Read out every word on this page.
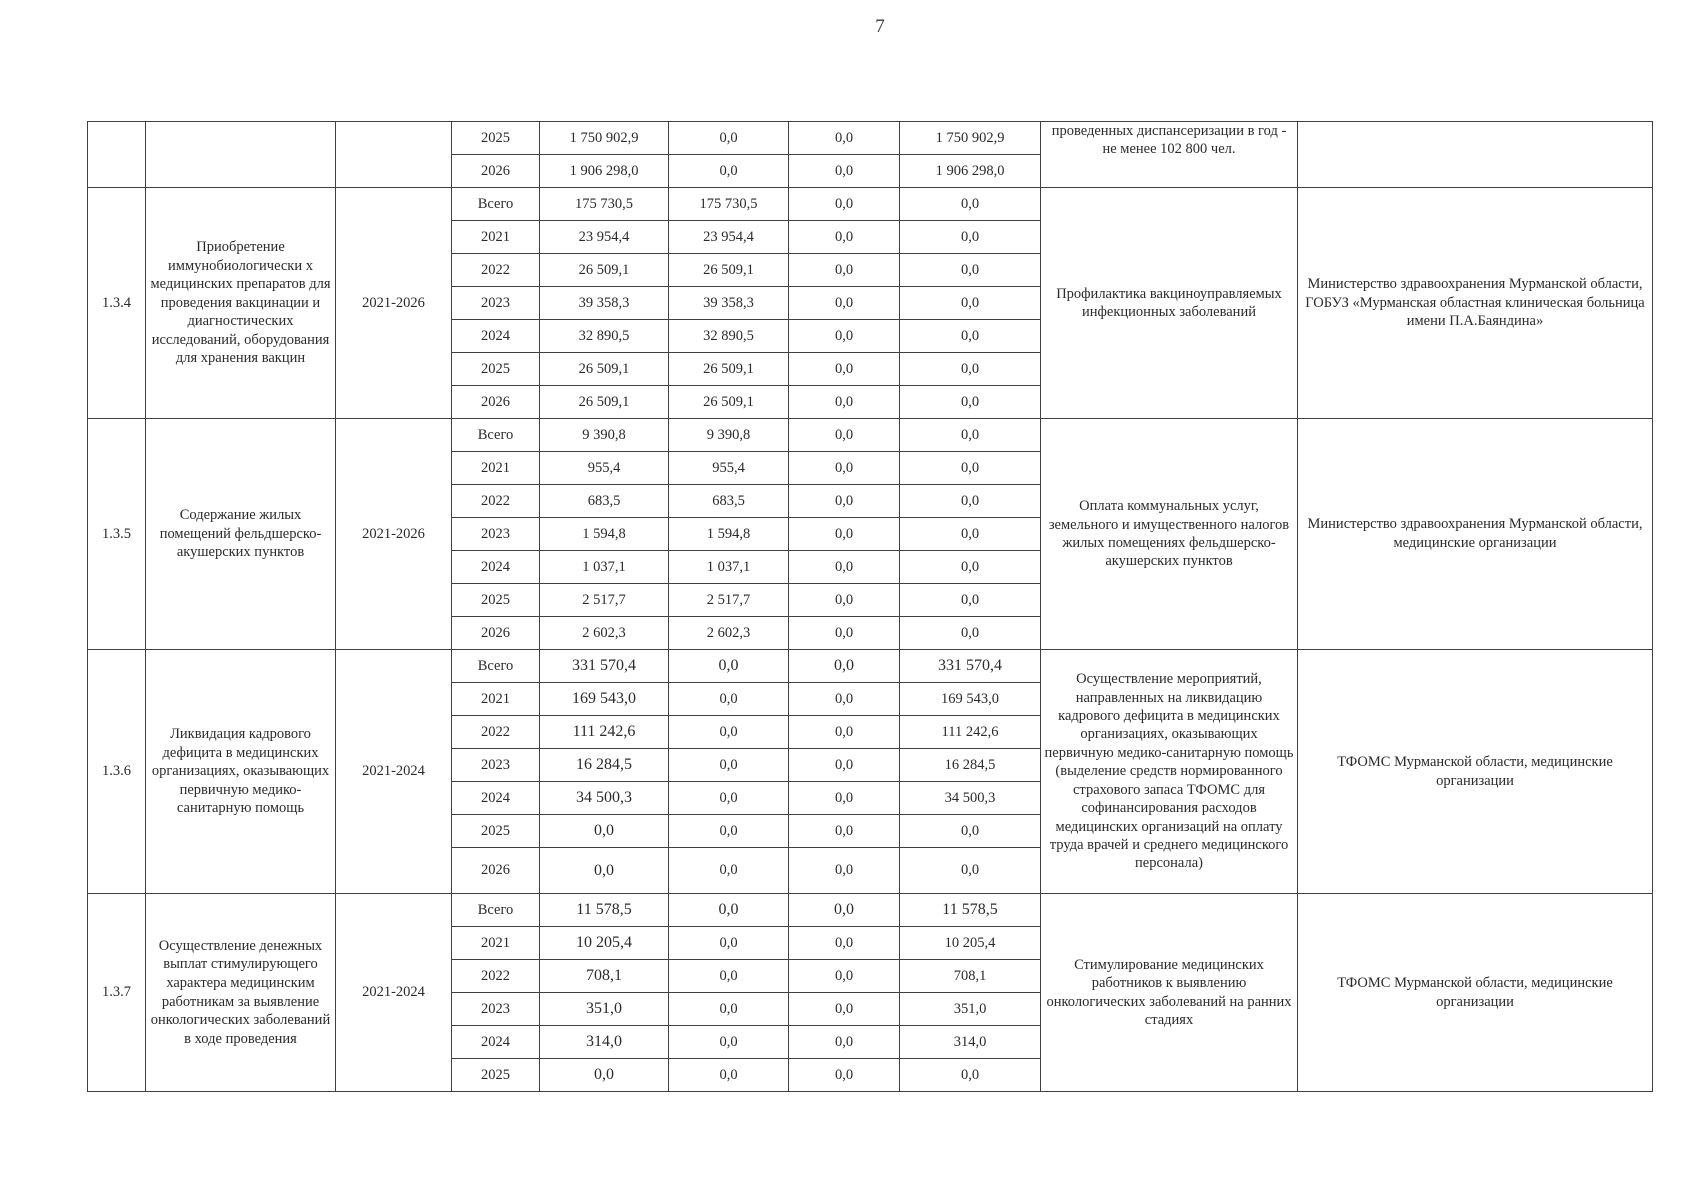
7
			2025	1 750 902,9	0,0	0,0	1 750 902,9	проведенных диспансеризации в год - не менее 102 800 чел.	
			2026	1 906 298,0	0,0	0,0	1 906 298,0		
1.3.4	Приобретение иммунобиологически х медицинских препаратов для проведения вакцинации и диагностических исследований, оборудования для хранения вакцин	2021-2026	Всего	175 730,5	175 730,5	0,0	0,0	Профилактика вакциноуправляемых инфекционных заболеваний	Министерство здравоохранения Мурманской области, ГОБУЗ «Мурманская областная клиническая больница имени П.А.Баяндина»
			2021	23 954,4	23 954,4	0,0	0,0		
			2022	26 509,1	26 509,1	0,0	0,0		
			2023	39 358,3	39 358,3	0,0	0,0		
			2024	32 890,5	32 890,5	0,0	0,0		
			2025	26 509,1	26 509,1	0,0	0,0		
			2026	26 509,1	26 509,1	0,0	0,0		
1.3.5	Содержание жилых помещений фельдшерско-акушерских пунктов	2021-2026	Всего	9 390,8	9 390,8	0,0	0,0	Оплата коммунальных услуг, земельного и имущественного налогов жилых помещениях фельдшерско-акушерских пунктов	Министерство здравоохранения Мурманской области, медицинские организации
			2021	955,4	955,4	0,0	0,0		
			2022	683,5	683,5	0,0	0,0		
			2023	1 594,8	1 594,8	0,0	0,0		
			2024	1 037,1	1 037,1	0,0	0,0		
			2025	2 517,7	2 517,7	0,0	0,0		
			2026	2 602,3	2 602,3	0,0	0,0		
1.3.6	Ликвидация кадрового дефицита в медицинских организациях, оказывающих первичную медико-санитарную помощь	2021-2024	Всего	331 570,4	0,0	0,0	331 570,4	Осуществление мероприятий, направленных на ликвидацию кадрового дефицита в медицинских организациях, оказывающих первичную медико-санитарную помощь (выделение средств нормированного страхового запаса ТФОМС для софинансирования расходов медицинских организаций на оплату труда врачей и среднего медицинского персонала)	ТФОМС Мурманской области, медицинские организации
			2021	169 543,0	0,0	0,0	169 543,0		
			2022	111 242,6	0,0	0,0	111 242,6		
			2023	16 284,5	0,0	0,0	16 284,5		
			2024	34 500,3	0,0	0,0	34 500,3		
			2025	0,0	0,0	0,0	0,0		
			2026	0,0	0,0	0,0	0,0		
1.3.7	Осуществление денежных выплат стимулирующего характера медицинским работникам за выявление онкологических заболеваний в ходе проведения	2021-2024	Всего	11 578,5	0,0	0,0	11 578,5	Стимулирование медицинских работников к выявлению онкологических заболеваний на ранних стадиях	ТФОМС Мурманской области, медицинские организации
			2021	10 205,4	0,0	0,0	10 205,4		
			2022	708,1	0,0	0,0	708,1		
			2023	351,0	0,0	0,0	351,0		
			2024	314,0	0,0	0,0	314,0		
			2025	0,0	0,0	0,0	0,0		
